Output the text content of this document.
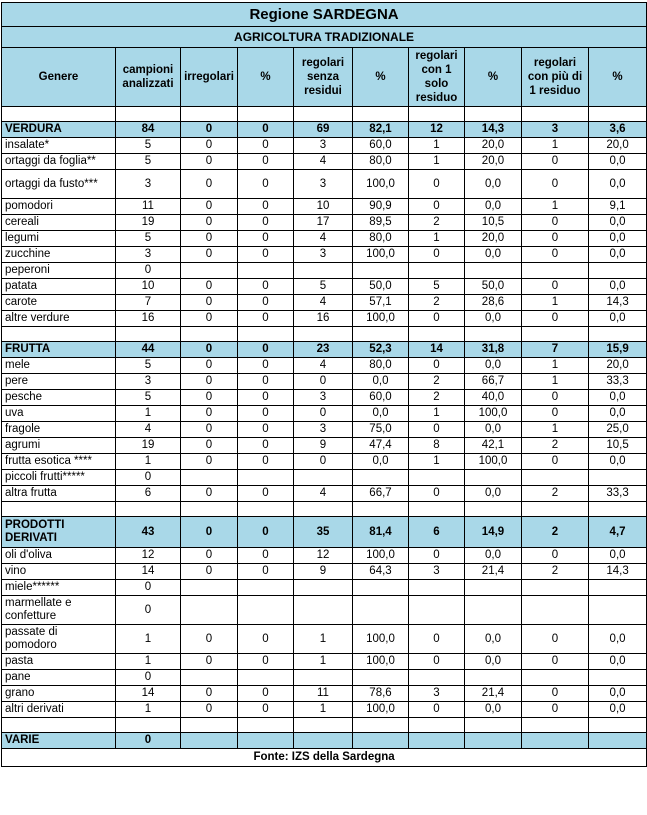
Regione SARDEGNA									
AGRICOLTURA TRADIZIONALE									
Genere	campioni analizzati	irregolari	%	regolari senza residui	%	regolari con 1 solo residuo	%	regolari con più di 1 residuo	%

VERDURA	84	0	0	69	82,1	12	14,3	3	3,6
insalate*	5	0	0	3	60,0	1	20,0	1	20,0
ortaggi da foglia**	5	0	0	4	80,0	1	20,0	0	0,0
ortaggi da fusto***	3	0	0	3	100,0	0	0,0	0	0,0
pomodori	11	0	0	10	90,9	0	0,0	1	9,1
cereali	19	0	0	17	89,5	2	10,5	0	0,0
legumi	5	0	0	4	80,0	1	20,0	0	0,0
zucchine	3	0	0	3	100,0	0	0,0	0	0,0
peperoni	0								
patata	10	0	0	5	50,0	5	50,0	0	0,0
carote	7	0	0	4	57,1	2	28,6	1	14,3
altre verdure	16	0	0	16	100,0	0	0,0	0	0,0

FRUTTA	44	0	0	23	52,3	14	31,8	7	15,9
mele	5	0	0	4	80,0	0	0,0	1	20,0
pere	3	0	0	0	0,0	2	66,7	1	33,3
pesche	5	0	0	3	60,0	2	40,0	0	0,0
uva	1	0	0	0	0,0	1	100,0	0	0,0
fragole	4	0	0	3	75,0	0	0,0	1	25,0
agrumi	19	0	0	9	47,4	8	42,1	2	10,5
frutta esotica ****	1	0	0	0	0,0	1	100,0	0	0,0
piccoli frutti*****	0								
altra frutta	6	0	0	4	66,7	0	0,0	2	33,3

PRODOTTI DERIVATI	43	0	0	35	81,4	6	14,9	2	4,7
oli d'oliva	12	0	0	12	100,0	0	0,0	0	0,0
vino	14	0	0	9	64,3	3	21,4	2	14,3
miele******	0								
marmellate e confetture	0								
passate di pomodoro	1	0	0	1	100,0	0	0,0	0	0,0
pasta	1	0	0	1	100,0	0	0,0	0	0,0
pane	0								
grano	14	0	0	11	78,6	3	21,4	0	0,0
altri derivati	1	0	0	1	100,0	0	0,0	0	0,0

VARIE	0								
Fonte: IZS della Sardegna									
